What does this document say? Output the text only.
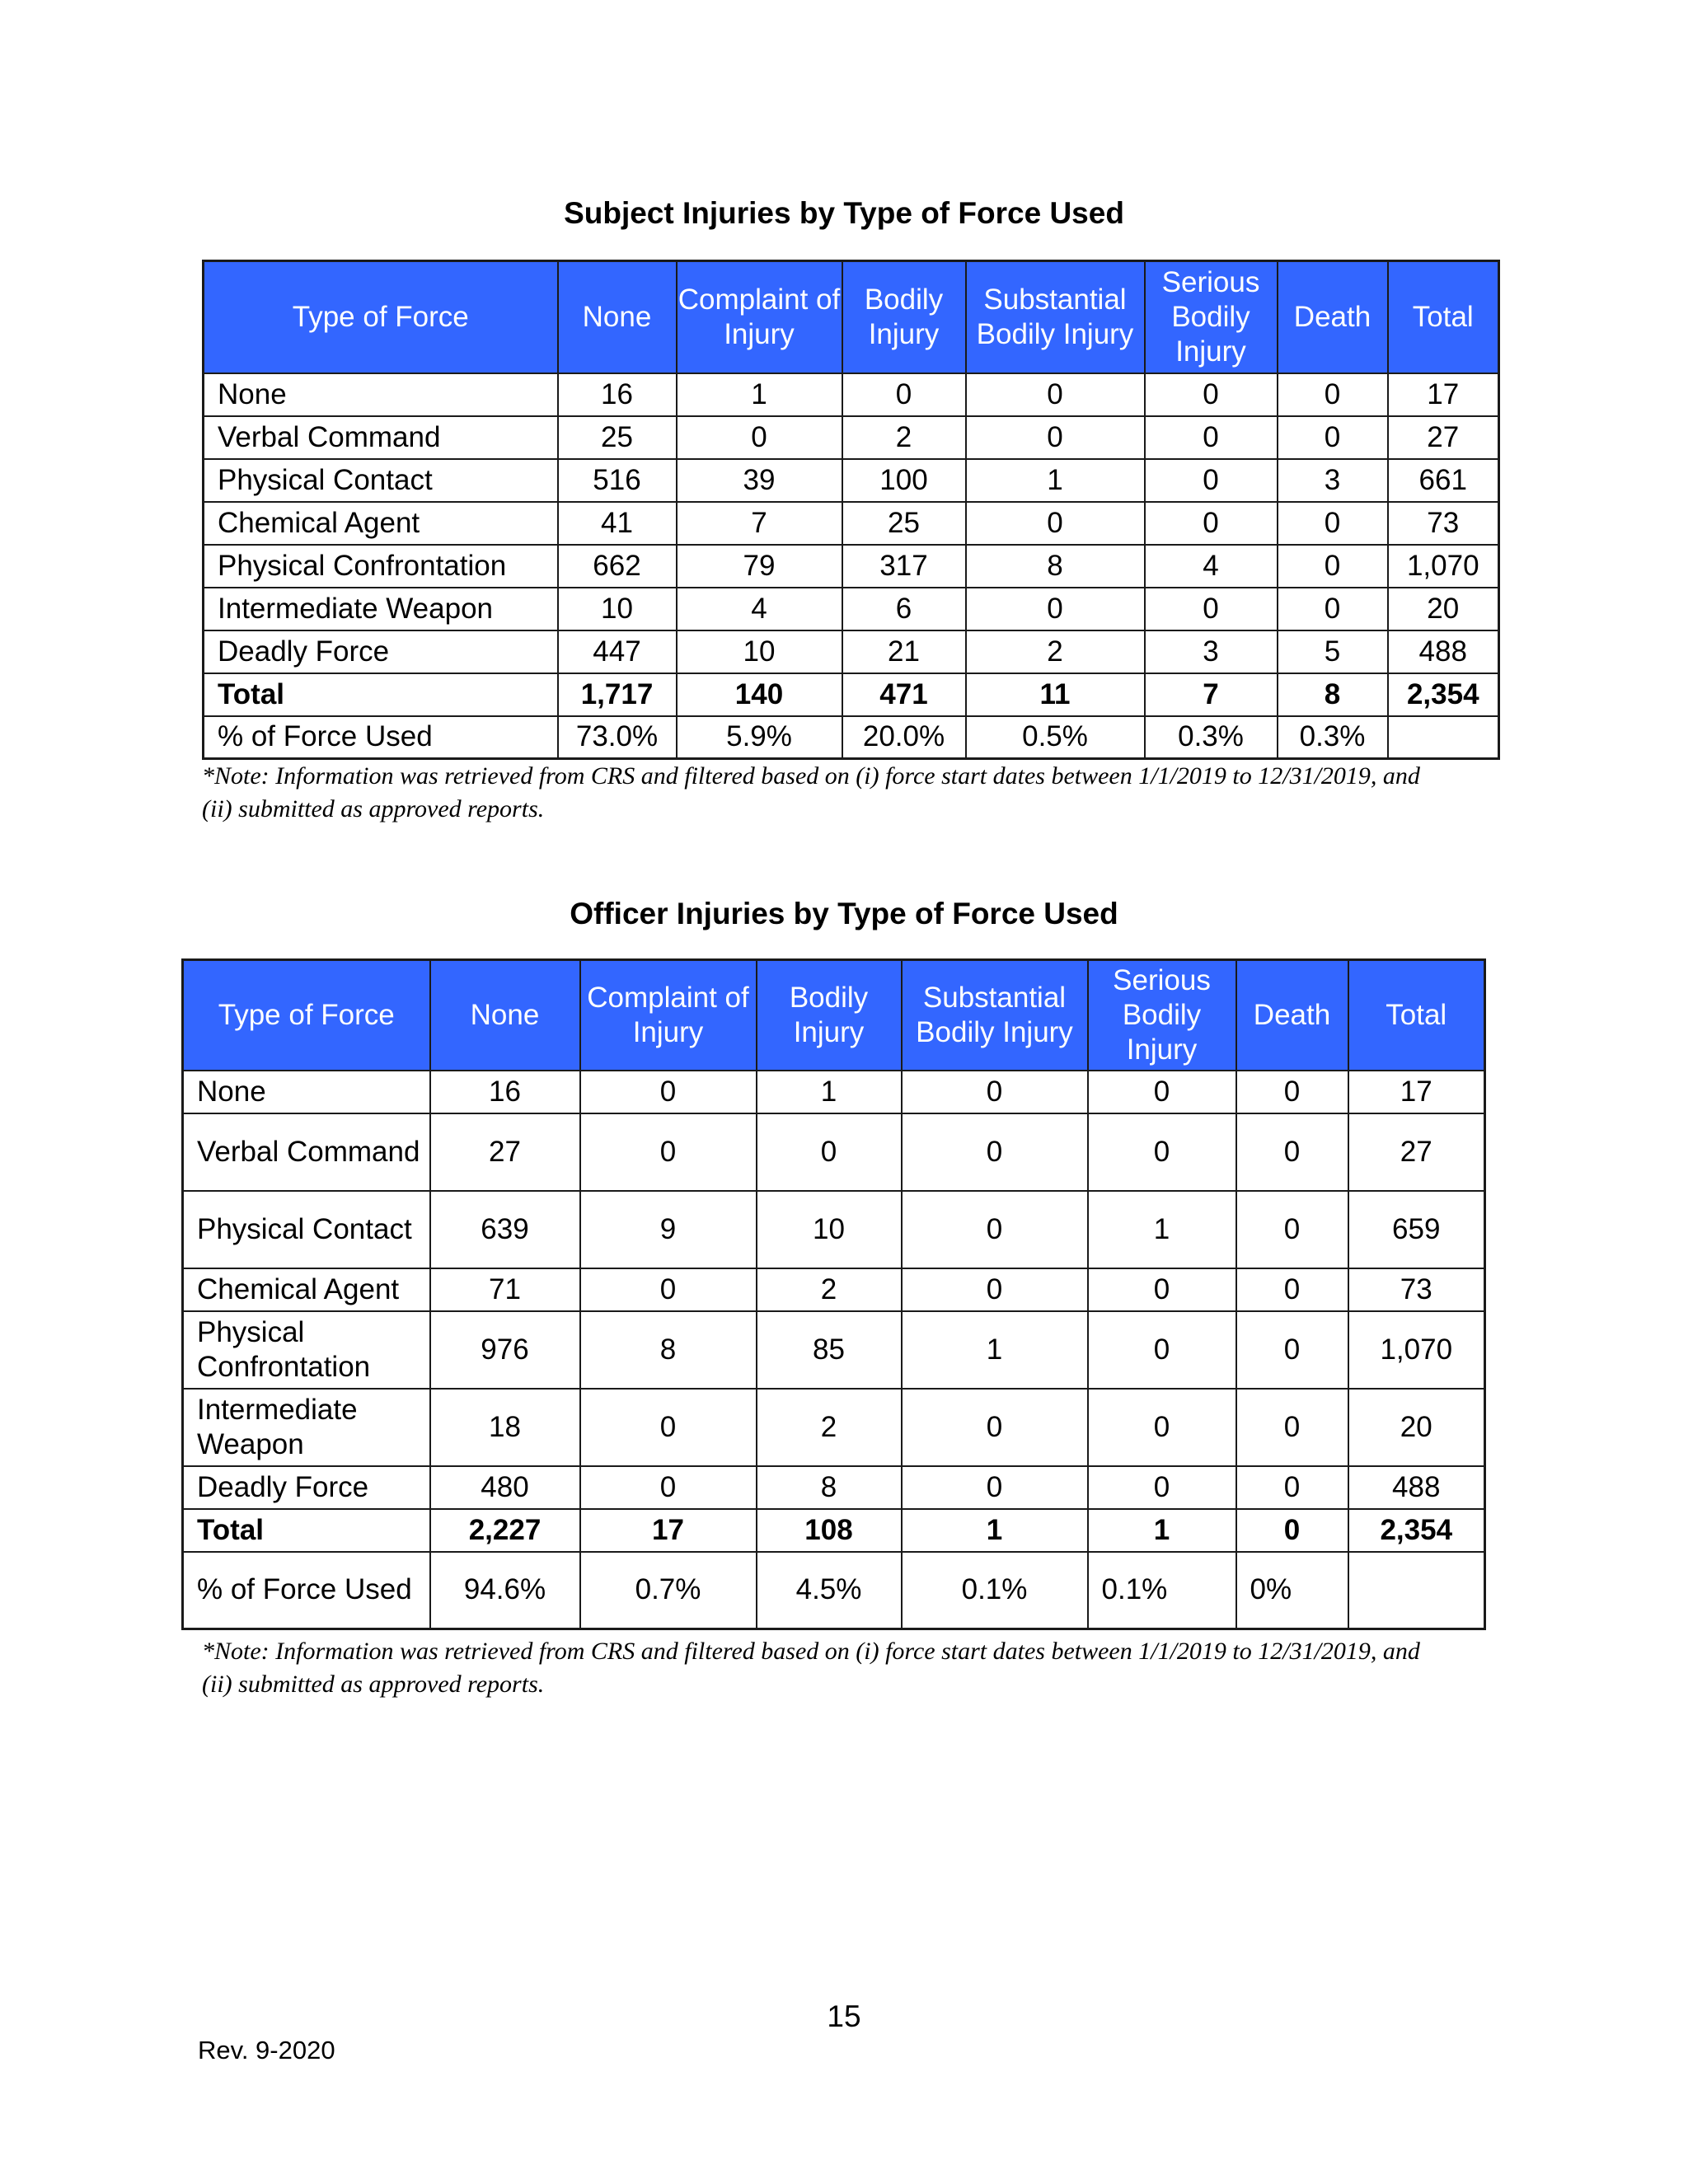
Subject Injuries by Type of Force Used
Type of Force	None	Complaint of Injury	Bodily Injury	Substantial Bodily Injury	Serious Bodily Injury	Death	Total
None	16	1	0	0	0	0	17
Verbal Command	25	0	2	0	0	0	27
Physical Contact	516	39	100	1	0	3	661
Chemical Agent	41	7	25	0	0	0	73
Physical Confrontation	662	79	317	8	4	0	1,070
Intermediate Weapon	10	4	6	0	0	0	20
Deadly Force	447	10	21	2	3	5	488
Total	1,717	140	471	11	7	8	2,354
% of Force Used	73.0%	5.9%	20.0%	0.5%	0.3%	0.3%	
*Note: Information was retrieved from CRS and filtered based on (i) force start dates between 1/1/2019 to 12/31/2019, and (ii) submitted as approved reports.
Officer Injuries by Type of Force Used
Type of Force	None	Complaint of Injury	Bodily Injury	Substantial Bodily Injury	Serious Bodily Injury	Death	Total
None	16	0	1	0	0	0	17
Verbal Command	27	0	0	0	0	0	27
Physical Contact	639	9	10	0	1	0	659
Chemical Agent	71	0	2	0	0	0	73
Physical Confrontation	976	8	85	1	0	0	1,070
Intermediate Weapon	18	0	2	0	0	0	20
Deadly Force	480	0	8	0	0	0	488
Total	2,227	17	108	1	1	0	2,354
% of Force Used	94.6%	0.7%	4.5%	0.1%	0.1%	0%	
*Note: Information was retrieved from CRS and filtered based on (i) force start dates between 1/1/2019 to 12/31/2019, and (ii) submitted as approved reports.
15
Rev. 9-2020
